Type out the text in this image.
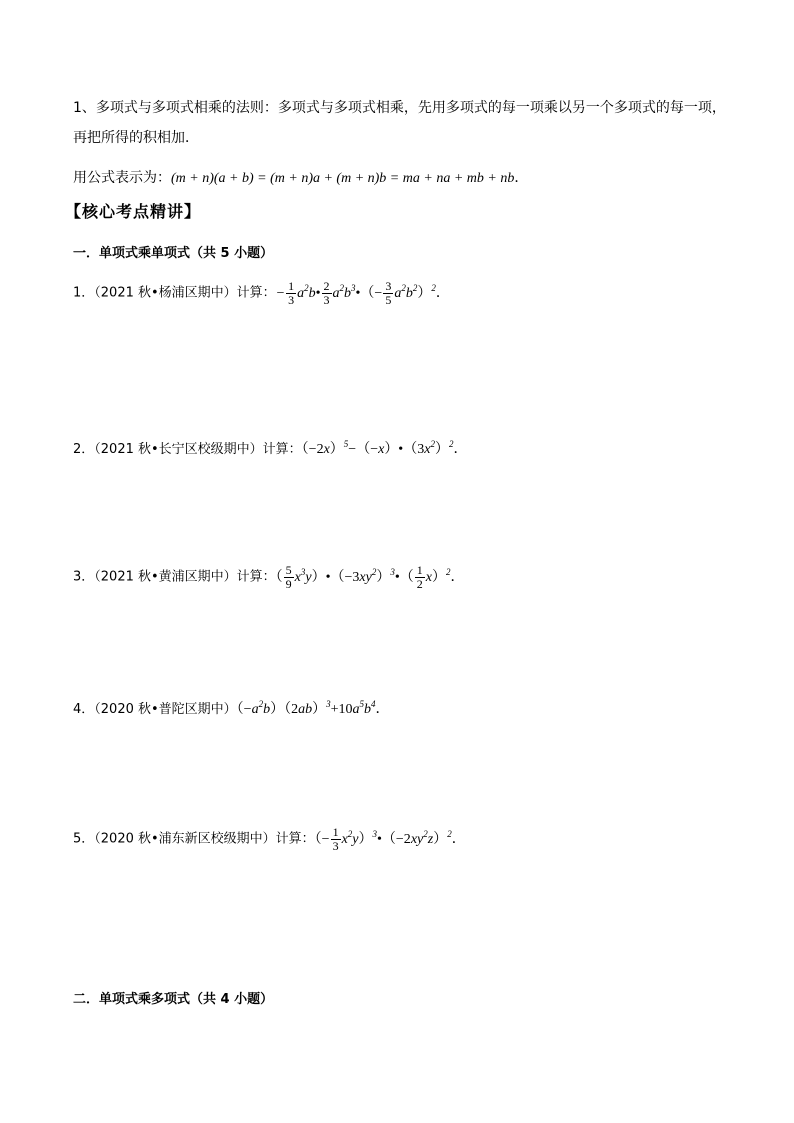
1、多项式与多项式相乘的法则：多项式与多项式相乘，先用多项式的每一项乘以另一个多项式的每一项，
再把所得的积相加．
用公式表示为：(m + n)(a + b) = (m + n)a + (m + n)b = ma + na + mb + nb．
【核心考点精讲】
一．单项式乘单项式（共 5 小题）
1．（2021 秋•杨浦区期中）计算：− $\frac{1}{3}$ $a^2b• \frac{2}{3}$ $a^2b^3•(- \frac{3}{5} a^2b^2)^2$．
2．（2021 秋•长宁区校级期中）计算：$(-2x)^5-(-x)•(3x^2)^2$．
3．（2021 秋•黄浦区期中）计算：（ $\frac{5}{9}$ $x^3y)•(-3xy^2)^3•( \frac{1}{2} x)^2$．
4．（2020 秋•普陀区期中）$(-a^2b)(2ab)^3+10a^5b^4$．
5．（2020 秋•浦东新区校级期中）计算：（− $\frac{1}{3}$ $x^2y)^3•(-2xy^2z)^2$．
二．单项式乘多项式（共 4 小题）
